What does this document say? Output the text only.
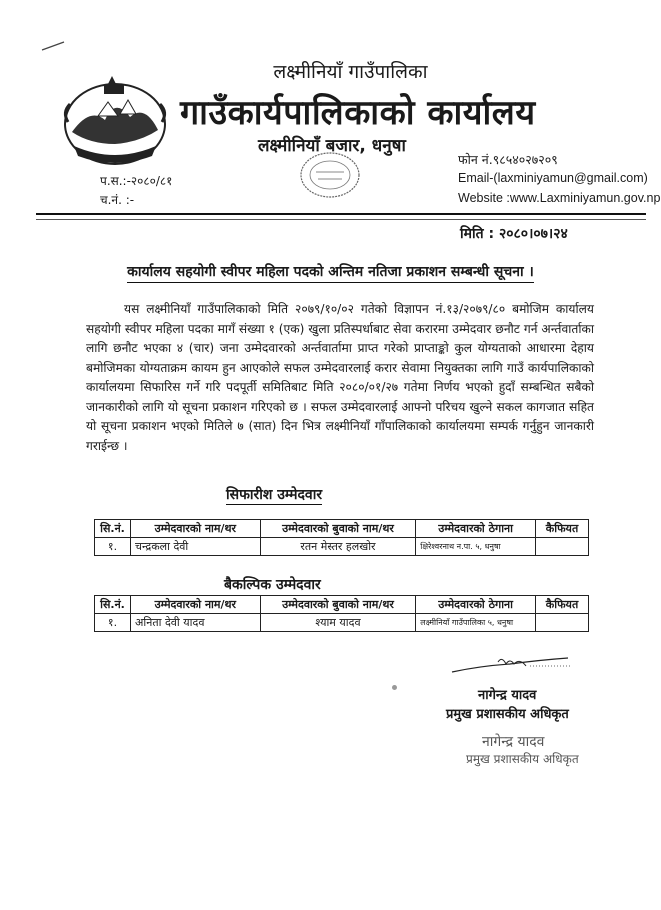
लक्ष्मीनियाँ गाउँपालिका
गाउँकार्यपालिकाको कार्यालय
लक्ष्मीनियाँ बजार, धनुषा
प.स.:-२०८०/८१
च.नं. :-
फोन नं.९८५४०२७२०९
Email-(laxminiyamun@gmail.com)
Website :www.Laxminiyamun.gov.np
मिति : २०८०।०७।२४
कार्यालय सहयोगी स्वीपर महिला पदको अन्तिम नतिजा प्रकाशन सम्बन्धी सूचना ।
यस लक्ष्मीनियाँ गाउँपालिकाको मिति २०७९/१०/०२ गतेको विज्ञापन नं.१३/२०७९/८० बमोजिम कार्यालय सहयोगी स्वीपर महिला पदका मागँ संख्या १ (एक) खुला प्रतिस्पर्धाबाट सेवा करारमा उम्मेदवार छनौट गर्न अर्न्तवार्ताका लागि छनौट भएका ४ (चार) जना उम्मेदवारको अर्न्तवार्तामा प्राप्त गरेको प्राप्ताङ्को कुल योग्यताको आधारमा देहाय बमोजिमका योग्यताक्रम कायम हुन आएकोले सफल उम्मेदवारलाई करार सेवामा नियुक्तका लागि गाउँ कार्यपालिकाको कार्यालयमा सिफारिस गर्ने गरि पदपूर्ती समितिबाट मिति २०८०/०१/२७ गतेमा निर्णय भएको हुदाँ सम्बन्धित सबैको जानकारीको लागि यो सूचना प्रकाशन गरिएको छ । सफल उम्मेदवारलाई आफ्नो परिचय खुल्ने सकल कागजात सहित यो सूचना प्रकाशन भएको मितिले ७ (सात) दिन भित्र लक्ष्मीनियाँ गाँपालिकाको कार्यालयमा सम्पर्क गर्नुहुन जानकारी गराईन्छ ।
सिफारीश उम्मेदवार
सि.नं.	उम्मेदवारको नाम/थर	उम्मेदवारको बुवाको नाम/थर	उम्मेदवारको ठेगाना	कैफियत
१.	चन्द्रकला देवी	रतन मेस्तर हलखोर	क्षिरेश्वरनाथ न.पा. ५, धनुषा	
बैकल्पिक उम्मेदवार
सि.नं.	उम्मेदवारको नाम/थर	उम्मेदवारको बुवाको नाम/थर	उम्मेदवारको ठेगाना	कैफियत
१.	अनिता देवी यादव	श्याम यादव	लक्ष्मीनियाँ गाउँपालिका ५, धनुषा	
नागेन्द्र यादव
प्रमुख प्रशासकीय अधिकृत
नागेन्द्र यादव
प्रमुख प्रशासकीय अधिकृत
